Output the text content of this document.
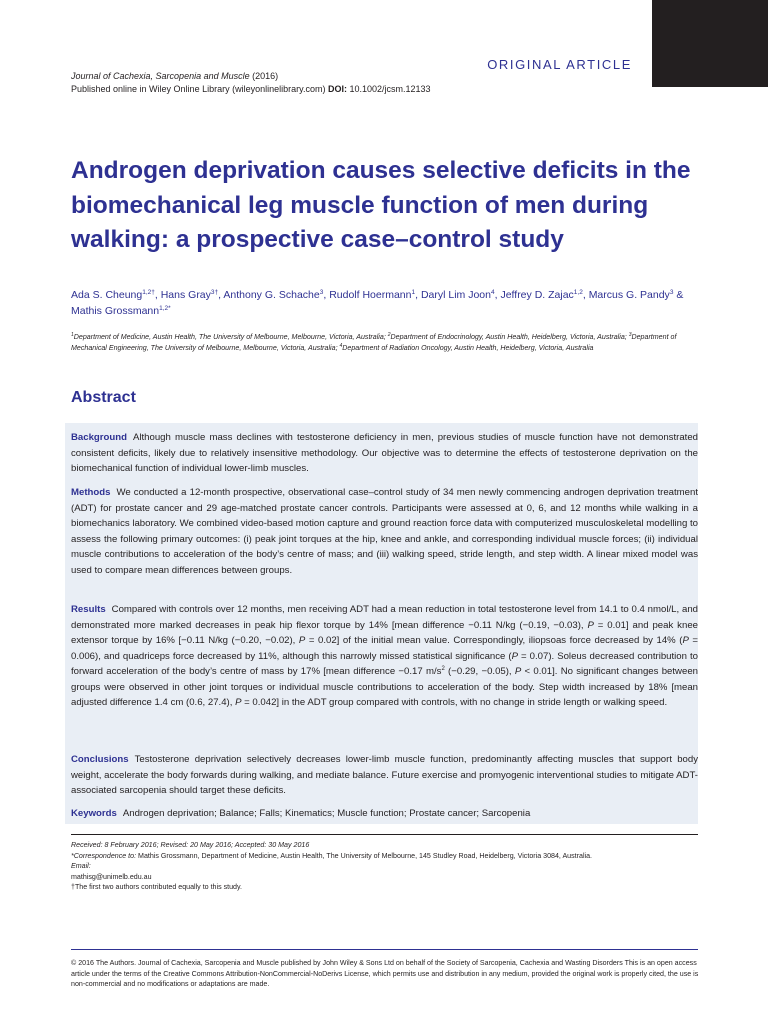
ORIGINAL ARTICLE
Journal of Cachexia, Sarcopenia and Muscle (2016)
Published online in Wiley Online Library (wileyonlinelibrary.com) DOI: 10.1002/jcsm.12133
Androgen deprivation causes selective deficits in the biomechanical leg muscle function of men during walking: a prospective case–control study
Ada S. Cheung$^{1,2\dagger}$, Hans Gray$^{3\dagger}$, Anthony G. Schache$^3$, Rudolf Hoermann$^1$, Daryl Lim Joon$^4$, Jeffrey D. Zajac$^{1,2}$, Marcus G. Pandy$^3$ & Mathis Grossmann$^{1,2*}$
$^1$Department of Medicine, Austin Health, The University of Melbourne, Melbourne, Victoria, Australia; $^2$Department of Endocrinology, Austin Health, Heidelberg, Victoria, Australia; $^3$Department of Mechanical Engineering, The University of Melbourne, Melbourne, Victoria, Australia; $^4$Department of Radiation Oncology, Austin Health, Heidelberg, Victoria, Australia
Abstract

Background Although muscle mass declines with testosterone deficiency in men, previous studies of muscle function have not demonstrated consistent deficits, likely due to relatively insensitive methodology. Our objective was to determine the effects of testosterone deprivation on the biomechanical function of individual lower-limb muscles.

Methods We conducted a 12-month prospective, observational case–control study of 34 men newly commencing androgen deprivation treatment (ADT) for prostate cancer and 29 age-matched prostate cancer controls. Participants were assessed at 0, 6, and 12 months while walking in a biomechanics laboratory. We combined video-based motion capture and ground reaction force data with computerized musculoskeletal modelling to assess the following primary outcomes: (i) peak joint torques at the hip, knee and ankle, and corresponding individual muscle forces; (ii) individual muscle contributions to acceleration of the body’s centre of mass; and (iii) walking speed, stride length, and step width. A linear mixed model was used to compare mean differences between groups.

Results Compared with controls over 12 months, men receiving ADT had a mean reduction in total testosterone level from 14.1 to 0.4 nmol/L, and demonstrated more marked decreases in peak hip flexor torque by 14% [mean difference −0.11 N/kg (−0.19, −0.03), P = 0.01] and peak knee extensor torque by 16% [−0.11 N/kg (−0.20, −0.02), P = 0.02] of the initial mean value. Correspondingly, iliopsoas force decreased by 14% (P = 0.006), and quadriceps force decreased by 11%, although this narrowly missed statistical significance (P = 0.07). Soleus decreased contribution to forward acceleration of the body’s centre of mass by 17% [mean difference −0.17 $m/s^2$ (−0.29, −0.05), P < 0.01]. No significant changes between groups were observed in other joint torques or individual muscle contributions to acceleration of the body. Step width increased by 18% [mean adjusted difference 1.4 cm (0.6, 27.4), P = 0.042] in the ADT group compared with controls, with no change in stride length or walking speed.

Conclusions Testosterone deprivation selectively decreases lower-limb muscle function, predominantly affecting muscles that support body weight, accelerate the body forwards during walking, and mediate balance. Future exercise and promyogenic interventional studies to mitigate ADT-associated sarcopenia should target these deficits.

Keywords Androgen deprivation; Balance; Falls; Kinematics; Muscle function; Prostate cancer; Sarcopenia

Received: 8 February 2016; Revised: 20 May 2016; Accepted: 30 May 2016
*Correspondence to: Mathis Grossmann, Department of Medicine, Austin Health, The University of Melbourne, 145 Studley Road, Heidelberg, Victoria 3084, Australia.
Email:
mathisg@unimelb.edu.au
†The first two authors contributed equally to this study.
© 2016 The Authors. Journal of Cachexia, Sarcopenia and Muscle published by John Wiley & Sons Ltd on behalf of the Society of Sarcopenia, Cachexia and Wasting Disorders This is an open access article under the terms of the Creative Commons Attribution-NonCommercial-NoDerivs License, which permits use and distribution in any medium, provided the original work is properly cited, the use is non-commercial and no modifications or adaptations are made.
